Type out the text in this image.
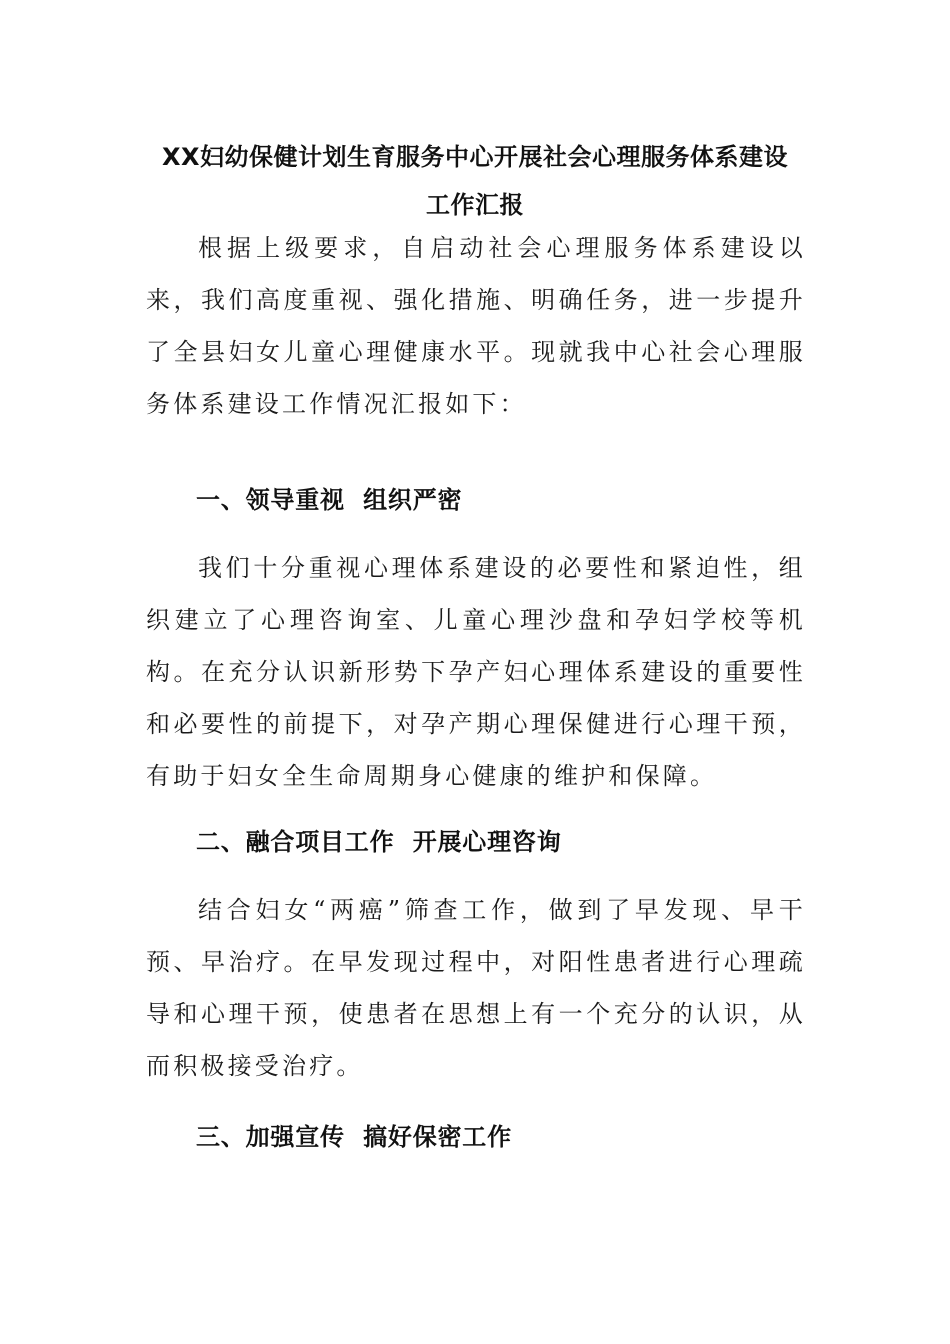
XX妇幼保健计划生育服务中心开展社会心理服务体系建设
工作汇报
根据上级要求，自启动社会心理服务体系建设以来，我们高度重视、强化措施、明确任务，进一步提升了全县妇女儿童心理健康水平。现就我中心社会心理服务体系建设工作情况汇报如下：
一、领导重视  组织严密
我们十分重视心理体系建设的必要性和紧迫性，组织建立了心理咨询室、儿童心理沙盘和孕妇学校等机构。在充分认识新形势下孕产妇心理体系建设的重要性和必要性的前提下，对孕产期心理保健进行心理干预，有助于妇女全生命周期身心健康的维护和保障。
二、融合项目工作  开展心理咨询
结合妇女“两癌”筛查工作，做到了早发现、早干预、早治疗。在早发现过程中，对阳性患者进行心理疏导和心理干预，使患者在思想上有一个充分的认识，从而积极接受治疗。
三、加强宣传  搞好保密工作
